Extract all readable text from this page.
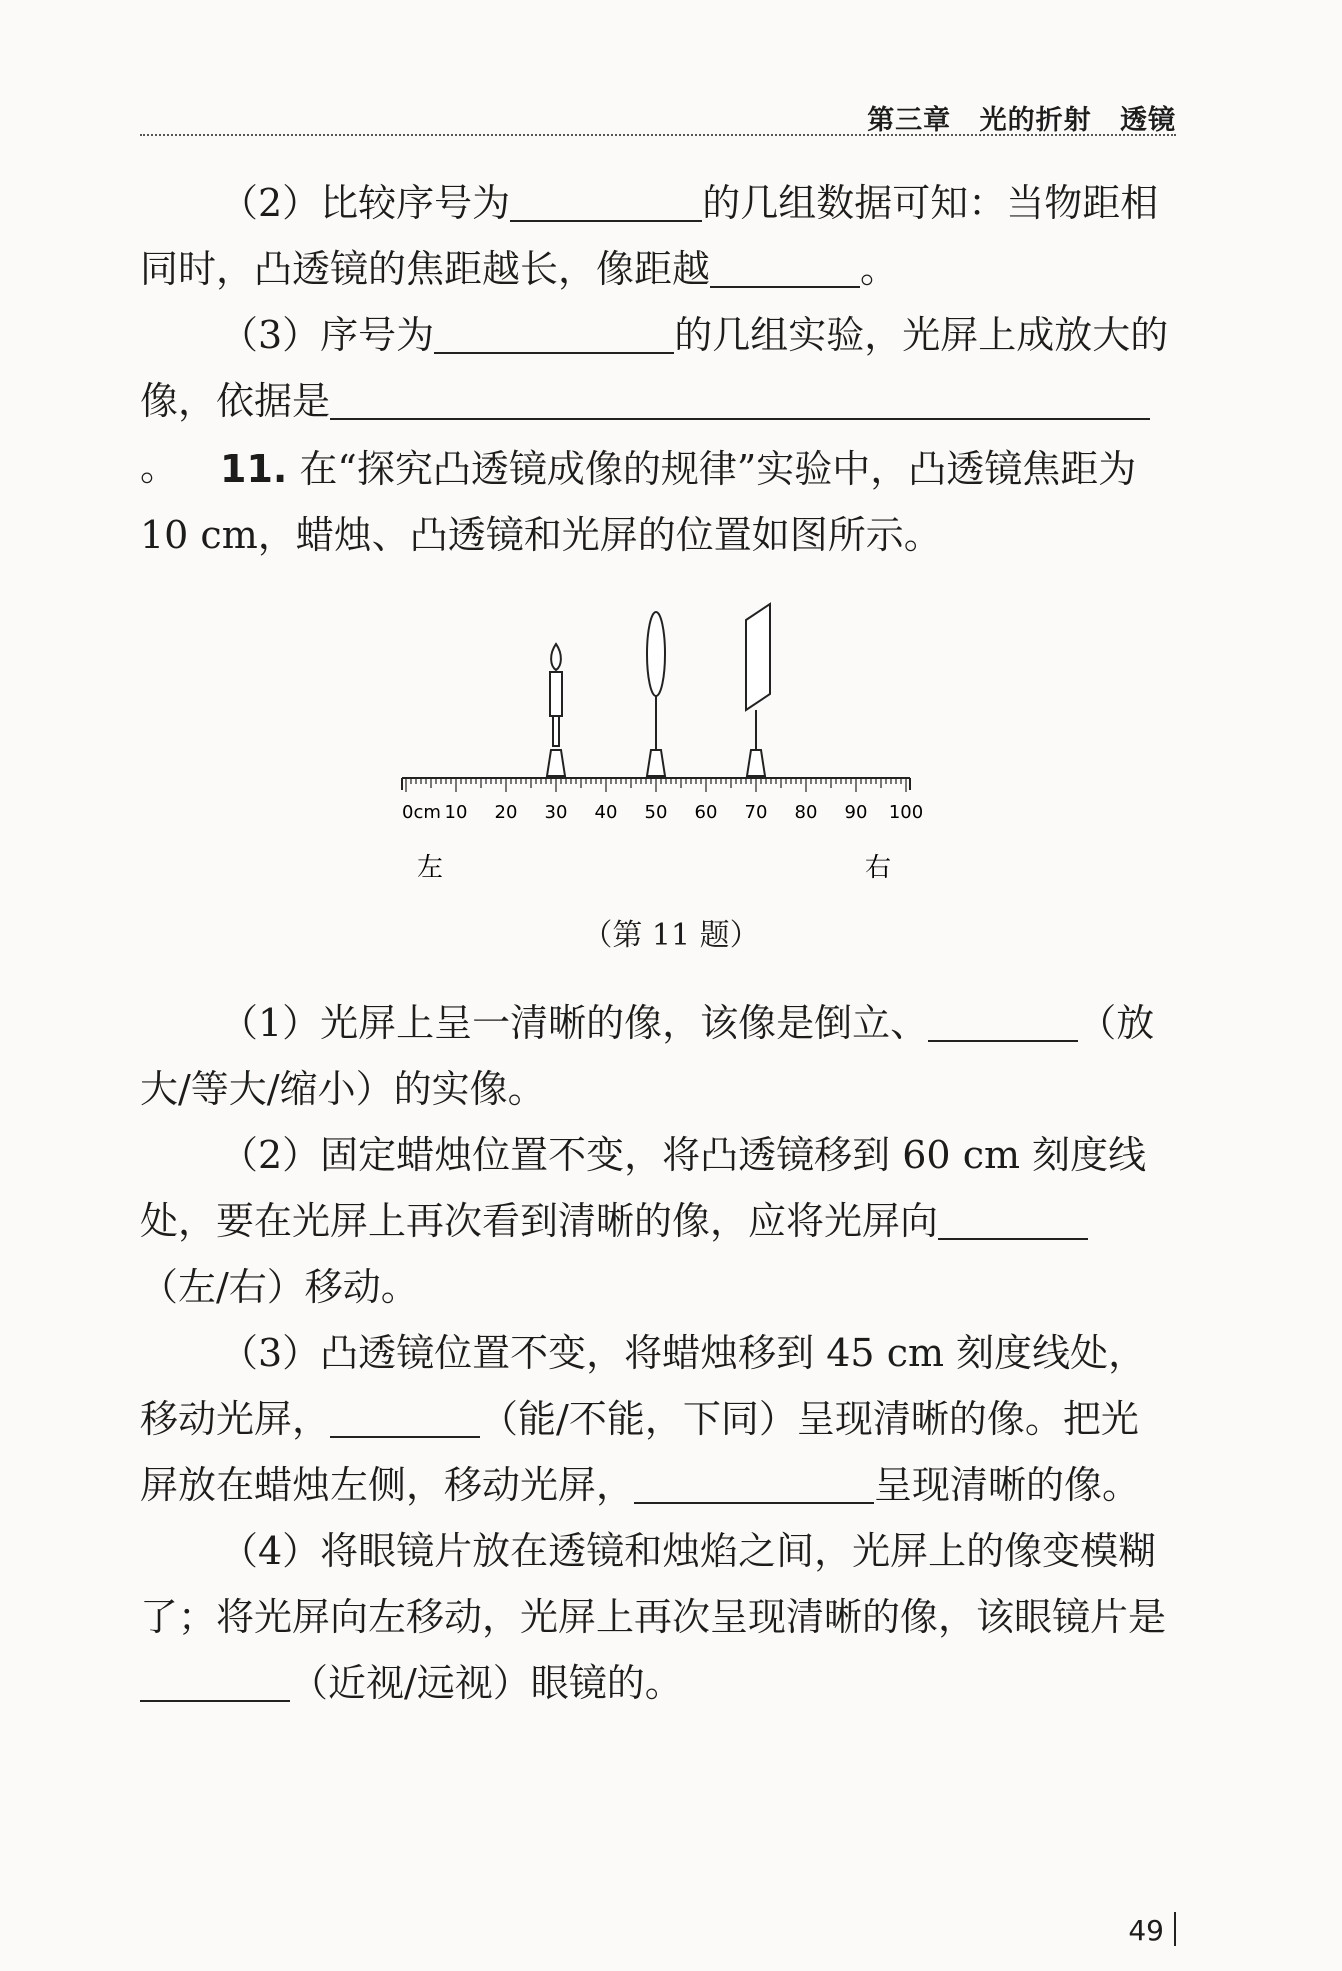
第三章 光的折射 透镜

（2）比较序号为	的几组数据可知：当物距相同时，凸透镜的焦距越长，像距越	。

（3）序号为	的几组实验，光屏上成放大的像，依据是。	11. 在“探究凸透镜成像的规律”实验中，凸透镜焦距为10 cm，蜡烛、凸透镜和光屏的位置如图所示。

0cm 10 20 30 40 50 60 70 80 90 100
左	右
（第 11 题）

（1）光屏上呈一清晰的像，该像是倒立、	（放大/等大/缩小）的实像。

（2）固定蜡烛位置不变，将凸透镜移到 60 cm 刻度线处，要在光屏上再次看到清晰的像，应将光屏向（左/右）移动。

（3）凸透镜位置不变，将蜡烛移到 45 cm 刻度线处，移动光屏，	（能/不能，下同）呈现清晰的像。把光屏放在蜡烛左侧，移动光屏，	呈现清晰的像。

（4）将眼镜片放在透镜和烛焰之间，光屏上的像变模糊了；将光屏向左移动，光屏上再次呈现清晰的像，该眼镜片是（近视/远视）眼镜的。

49
